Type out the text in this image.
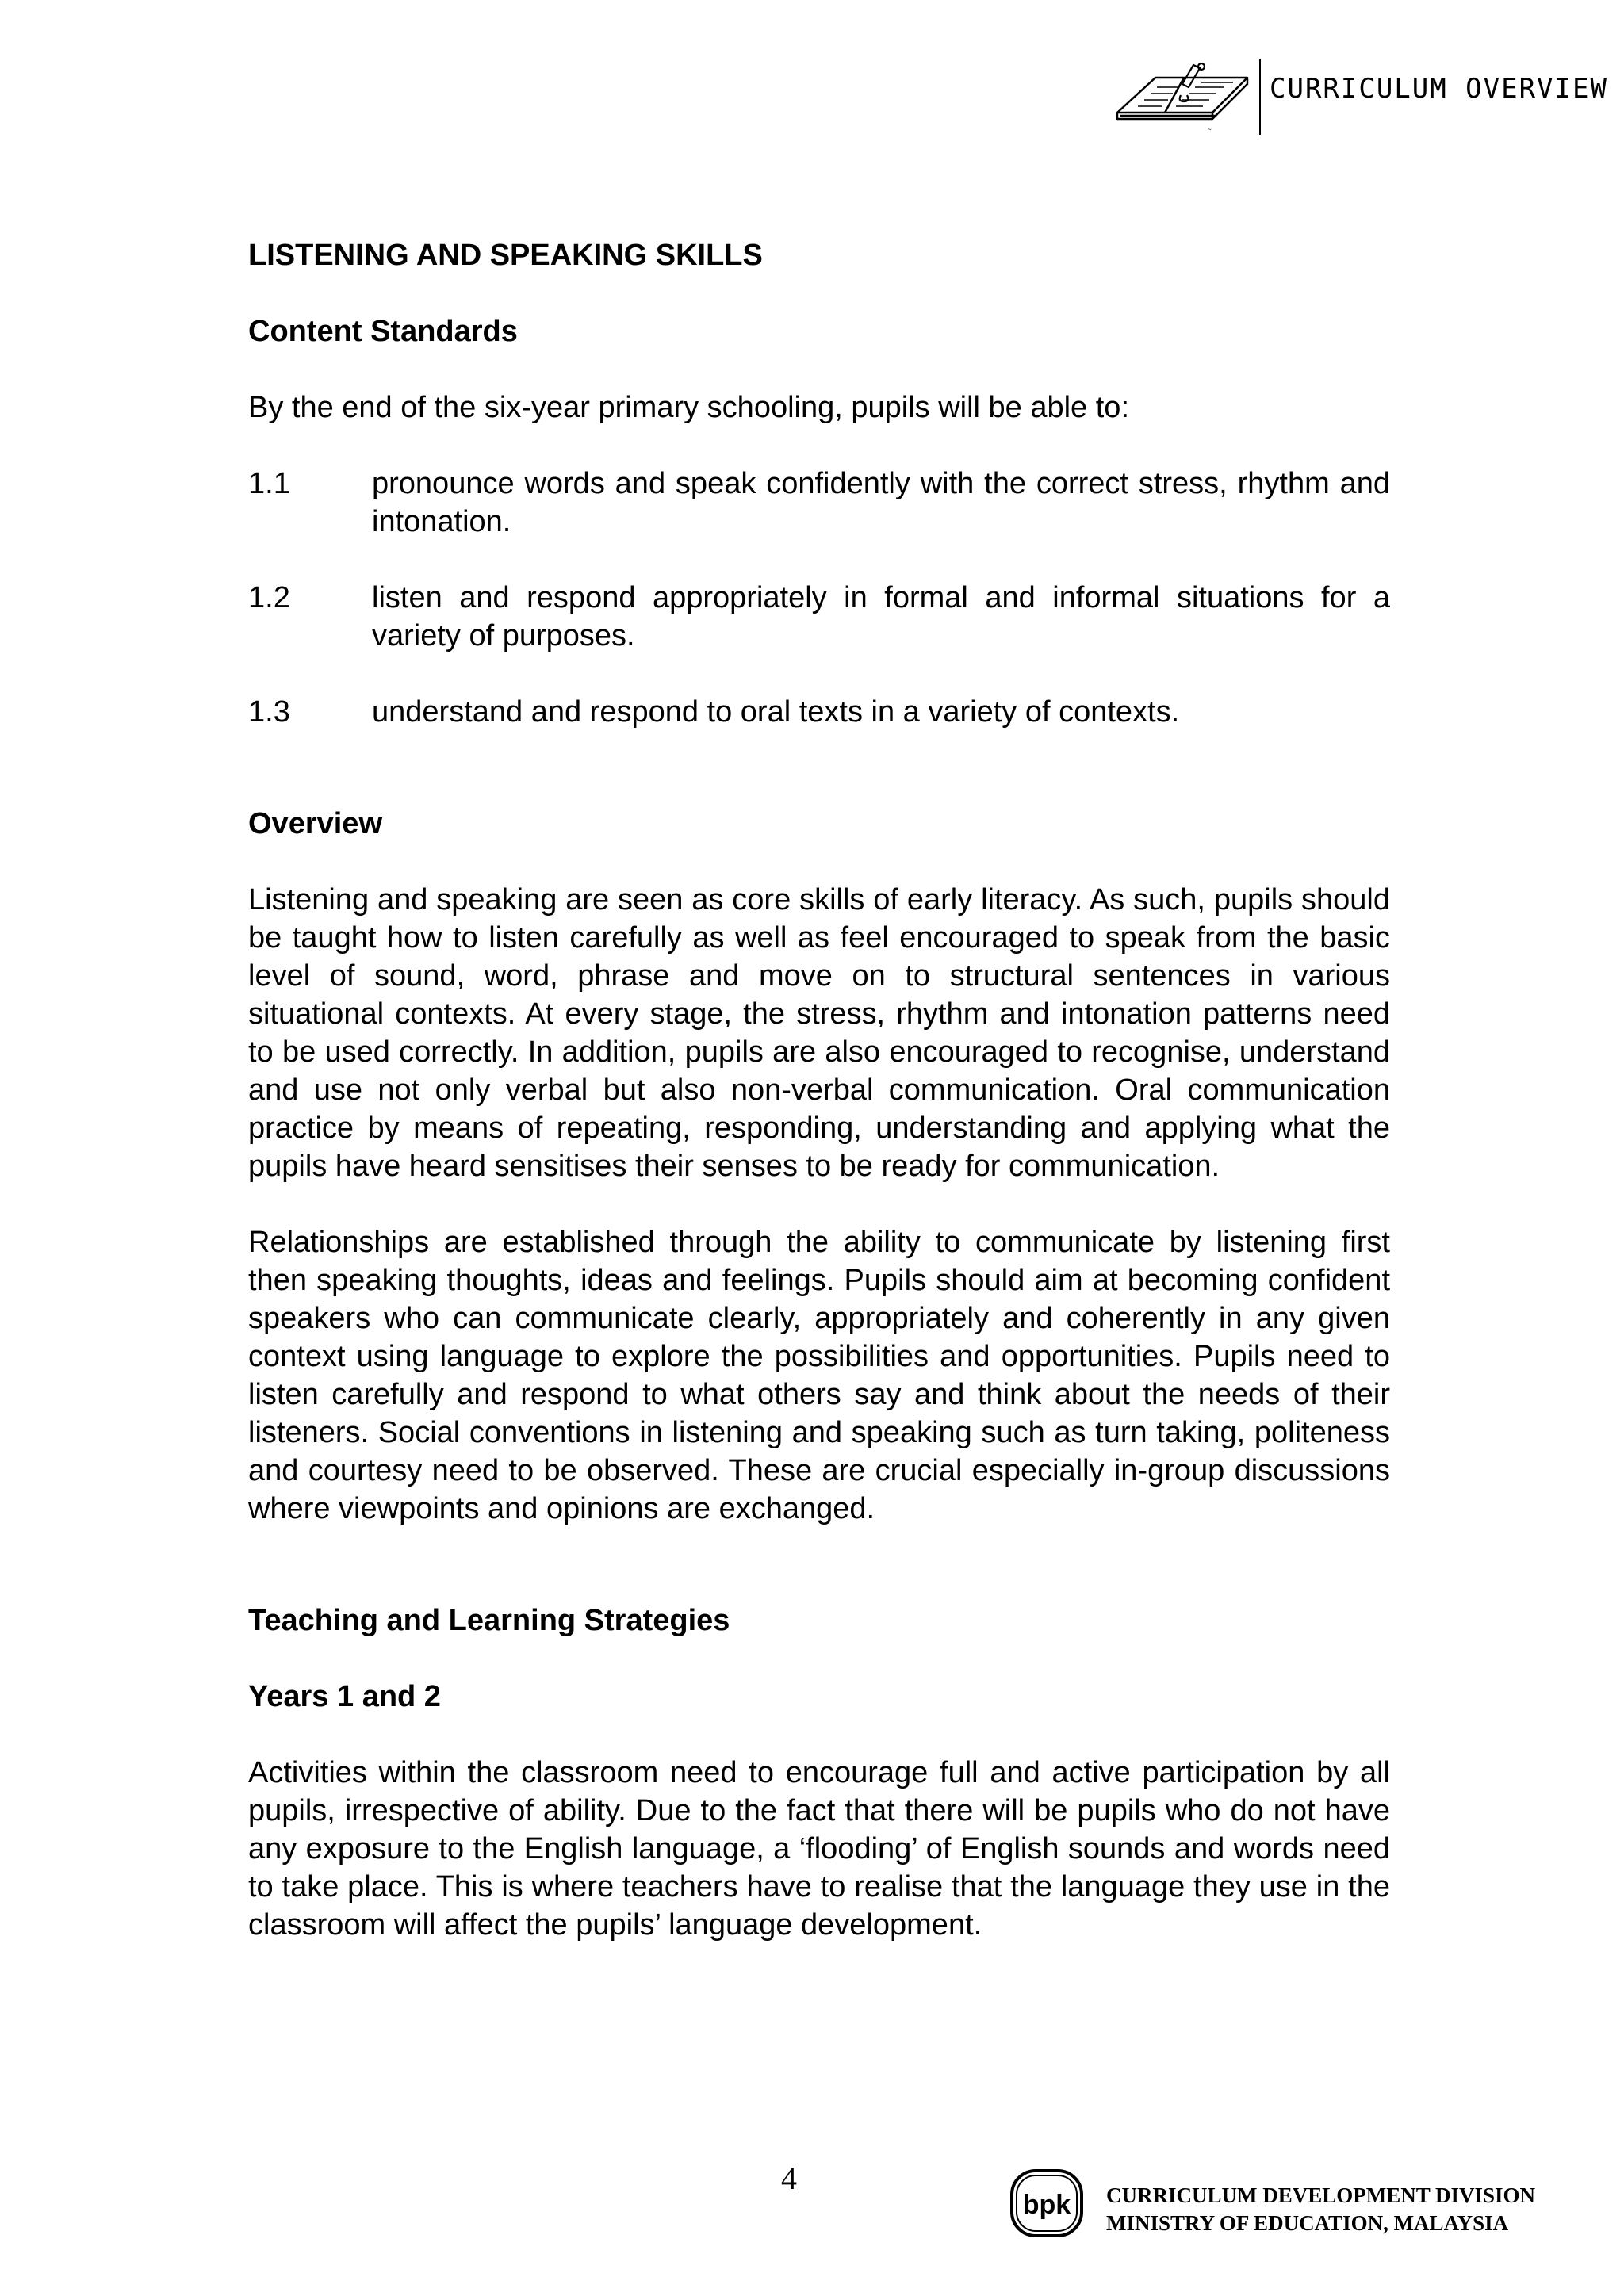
~
CURRICULUM OVERVIEW

LISTENING AND SPEAKING SKILLS

Content Standards

By the end of the six-year primary schooling, pupils will be able to:

1.1	pronounce words and speak confidently with the correct stress, rhythm and intonation.
1.2	listen and respond appropriately in formal and informal situations for a variety of purposes.
1.3	understand and respond to oral texts in a variety of contexts.

Overview

Listening and speaking are seen as core skills of early literacy. As such, pupils should be taught how to listen carefully as well as feel encouraged to speak from the basic level of sound, word, phrase and move on to structural sentences in various situational contexts. At every stage, the stress, rhythm and intonation patterns need to be used correctly. In addition, pupils are also encouraged to recognise, understand and use not only verbal but also non-verbal communication. Oral communication practice by means of repeating, responding, understanding and applying what the pupils have heard sensitises their senses to be ready for communication.

Relationships are established through the ability to communicate by listening first then speaking thoughts, ideas and feelings. Pupils should aim at becoming confident speakers who can communicate clearly, appropriately and coherently in any given context using language to explore the possibilities and opportunities. Pupils need to listen carefully and respond to what others say and think about the needs of their listeners. Social conventions in listening and speaking such as turn taking, politeness and courtesy need to be observed. These are crucial especially in-group discussions where viewpoints and opinions are exchanged.

Teaching and Learning Strategies

Years 1 and 2

Activities within the classroom need to encourage full and active participation by all pupils, irrespective of ability. Due to the fact that there will be pupils who do not have any exposure to the English language, a ‘flooding’ of English sounds and words need to take place. This is where teachers have to realise that the language they use in the classroom will affect the pupils’ language development.

4
bpk CURRICULUM DEVELOPMENT DIVISION
MINISTRY OF EDUCATION, MALAYSIA
